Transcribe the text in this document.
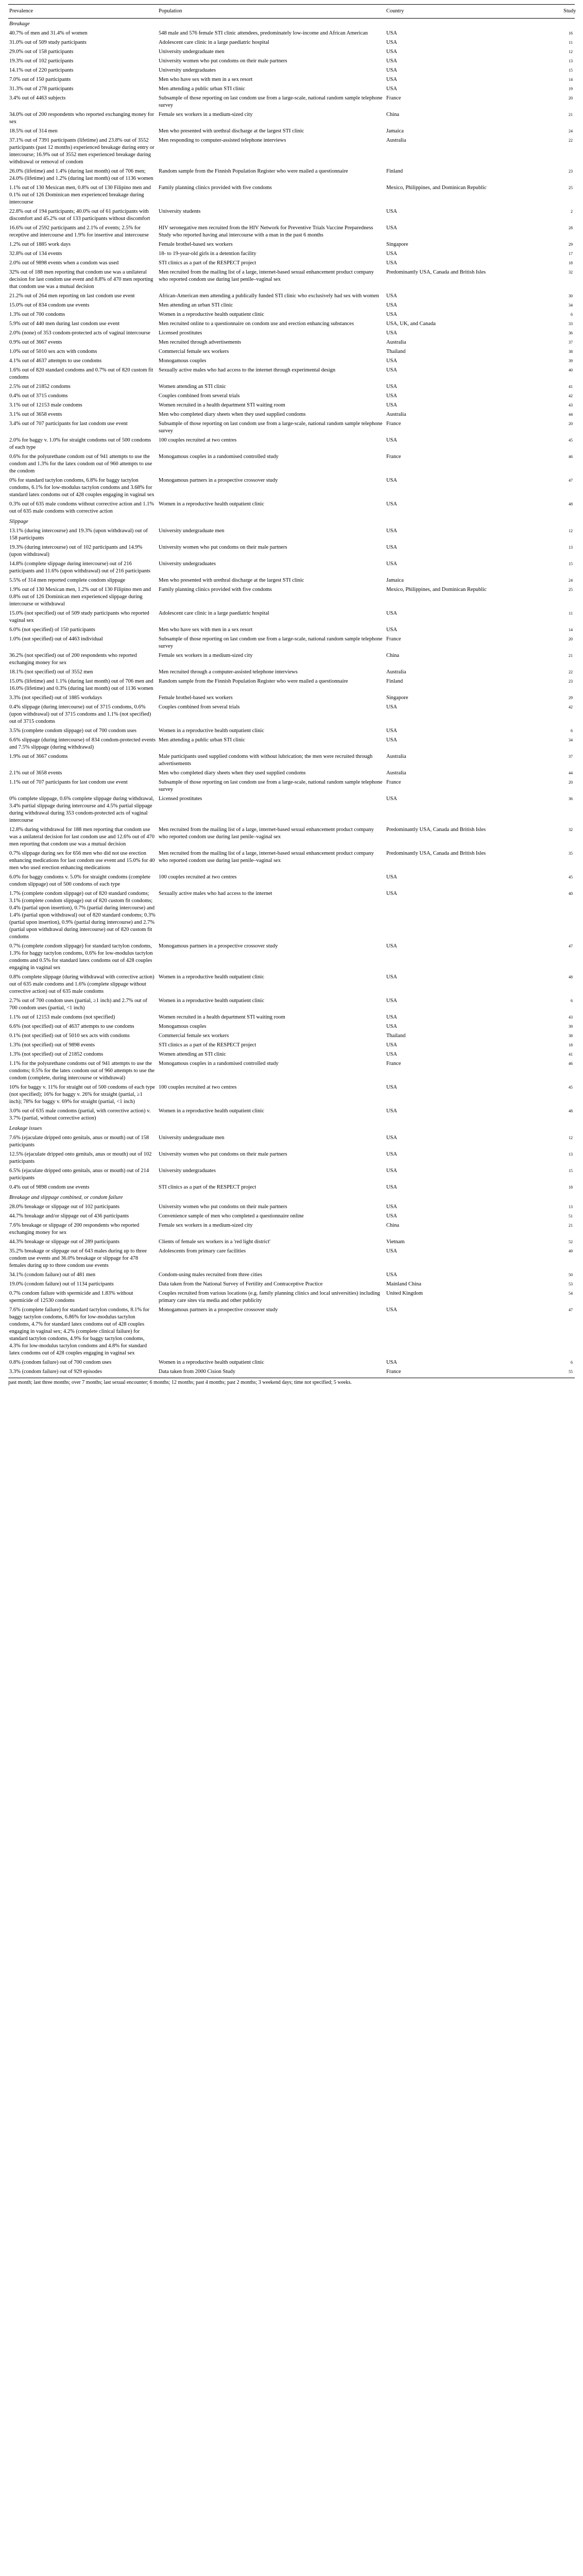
Prevalence	Population	Country	Study
Breakage			
40.7% of men and 31.4% of women	548 male and 576 female STI clinic attendees, predominately low-income and African American	USA	16
31.0% out of 509 study participants	Adolescent care clinic in a large paediatric hospital	USA	11
29.0% out of 158 participants	University undergraduate men	USA	12
19.3% out of 102 participants	University women who put condoms on their male partners	USA	13
14.1% out of 220 participants	University undergraduates	USA	15
7.0% out of 150 participants	Men who have sex with men in a sex resort	USA	14
31.3% out of 278 participants	Men attending a public urban STI clinic	USA	19
3.4% out of 4463 subjects	Subsample of those reporting on last condom use from a large-scale, national random sample telephone survey	France	20
34.0% out of 200 respondents who reported exchanging money for sex	Female sex workers in a medium-sized city	China	21
18.5% out of 314 men	Men who presented with urethral discharge at the largest STI clinic	Jamaica	24
37.1% out of 7391 participants (lifetime) and 23.8% out of 3552 participants (past 12 months) experienced breakage during entry or intercourse; 16.9% out of 3552 men experienced breakage during withdrawal or removal of condom	Men responding to computer-assisted telephone interviews	Australia	22
26.0% (lifetime) and 1.4% (during last month) out of 706 men; 24.0% (lifetime) and 1.2% (during last month) out of 1136 women	Random sample from the Finnish Population Register who were mailed a questionnaire	Finland	23
1.1% out of 130 Mexican men, 0.8% out of 130 Filipino men and 0.1% out of 126 Dominican men experienced breakage during intercourse	Family planning clinics provided with five condoms	Mexico, Philippines, and Dominican Republic	25
22.8% out of 194 participants; 40.0% out of 61 participants with discomfort and 45.2% out of 133 participants without discomfort	University students	USA	2
16.6% out of 2592 participants and 2.1% of events; 2.5% for receptive and intercourse and 1.9% for insertive anal intercourse	HIV seronegative men recruited from the HIV Network for Preventive Trials Vaccine Preparedness Study who reported having anal intercourse with a man in the past 6 months	USA	28
1.2% out of 1885 work days	Female brothel-based sex workers	Singapore	29
32.8% out of 134 events	18- to 19-year-old girls in a detention facility	USA	17
2.0% out of 9898 events when a condom was used	STI clinics as a part of the RESPECT project	USA	18
32% out of 188 men reporting that condom use was a unilateral decision for last condom use event and 8.8% of 470 men reporting that condom use was a mutual decision	Men recruited from the mailing list of a large, internet-based sexual enhancement product company who reported condom use during last penile–vaginal sex	Predominantly USA, Canada and British Isles	32
21.2% out of 264 men reporting on last condom use event	African-American men attending a publically funded STI clinic who exclusively had sex with women	USA	30
15.0% out of 834 condom use events	Men attending an urban STI clinic	USA	34
1.3% out of 700 condoms	Women in a reproductive health outpatient clinic	USA	6
5.9% out of 440 men during last condom use event	Men recruited online to a questionnaire on condom use and erection enhancing substances	USA, UK, and Canada	33
2.0% (none) of 353 condom-protected acts of vaginal intercourse	Licensed prostitutes	USA	36
0.9% out of 3667 events	Men recruited through advertisements	Australia	37
1.0% out of 5010 sex acts with condoms	Commercial female sex workers	Thailand	38
4.1% out of 4637 attempts to use condoms	Monogamous couples	USA	39
1.6% out of 820 standard condoms and 0.7% out of 820 custom fit condoms	Sexually active males who had access to the internet through experimental design	USA	40
2.5% out of 21852 condoms	Women attending an STI clinic	USA	41
0.4% out of 3715 condoms	Couples combined from several trials	USA	42
3.1% out of 12153 male condoms	Women recruited in a health department STI waiting room	USA	43
3.1% out of 3658 events	Men who completed diary sheets when they used supplied condoms	Australia	44
3.4% out of 707 participants for last condom use event	Subsample of those reporting on last condom use from a large-scale, national random sample telephone survey	France	20
2.0% for baggy v. 1.0% for straight condoms out of 500 condoms of each type	100 couples recruited at two centres	USA	45
0.6% for the polyurethane condom out of 941 attempts to use the condom and 1.3% for the latex condom out of 960 attempts to use the condom	Monogamous couples in a randomised controlled study	France	46
0% for standard tactylon condoms, 6.8% for baggy tactylon condoms, 6.1% for low-modulus tactylon condoms and 3.68% for standard latex condoms out of 428 couples engaging in vaginal sex	Monogamous partners in a prospective crossover study	USA	47
0.3% out of 635 male condoms without corrective action and 1.1% out of 635 male condoms with corrective action	Women in a reproductive health outpatient clinic	USA	48
Slippage			
13.1% (during intercourse) and 19.3% (upon withdrawal) out of 158 participants	University undergraduate men	USA	12
19.3% (during intercourse) out of 102 participants and 14.9% (upon withdrawal)	University women who put condoms on their male partners	USA	13
14.8% (complete slippage during intercourse) out of 216 participants and 11.6% (upon withdrawal) out of 216 participants	University undergraduates	USA	15
5.5% of 314 men reported complete condom slippage	Men who presented with urethral discharge at the largest STI clinic	Jamaica	24
1.9% out of 130 Mexican men, 1.2% out of 130 Filipino men and 0.8% out of 126 Dominican men experienced slippage during intercourse or withdrawal	Family planning clinics provided with five condoms	Mexico, Philippines, and Dominican Republic	25
15.0% (not specified) out of 509 study participants who reported vaginal sex	Adolescent care clinic in a large paediatric hospital	USA	11
6.0% (not specified) of 150 participants	Men who have sex with men in a sex resort	USA	14
1.0% (not specified) out of 4463 individual	Subsample of those reporting on last condom use from a large-scale, national random sample telephone survey	France	20
36.2% (not specified) out of 200 respondents who reported exchanging money for sex	Female sex workers in a medium-sized city	China	21
18.1% (not specified) out of 3552 men	Men recruited through a computer-assisted telephone interviews	Australia	22
15.0% (lifetime) and 1.1% (during last month) out of 706 men and 16.0% (lifetime) and 0.3% (during last month) out of 1136 women	Random sample from the Finnish Population Register who were mailed a questionnaire	Finland	23
3.3% (not specified) out of 1885 workdays	Female brothel-based sex workers	Singapore	29
0.4% slippage (during intercourse) out of 3715 condoms, 0.6% (upon withdrawal) out of 3715 condoms and 1.1% (not specified) out of 3715 condoms	Couples combined from several trials	USA	42
3.5% (complete condom slippage) out of 700 condom uses	Women in a reproductive health outpatient clinic	USA	6
6.6% slippage (during intercourse) of 834 condom-protected events and 7.5% slippage (during withdrawal)	Men attending a public urban STI clinic	USA	34
1.9% out of 3667 condoms	Male participants used supplied condoms with without lubrication; the men were recruited through advertisements	Australia	37
2.1% out of 3658 events	Men who completed diary sheets when they used supplied condoms	Australia	44
1.1% out of 707 participants for last condom use event	Subsample of those reporting on last condom use from a large-scale, national random sample telephone survey	France	20
0% complete slippage, 0.6% complete slippage during withdrawal, 3.4% partial slippage during intercourse and 4.5% partial slippage during withdrawal during 353 condom-protected acts of vaginal intercourse	Licensed prostitutes	USA	36
12.8% during withdrawal for 188 men reporting that condom use was a unilateral decision for last condom use and 12.6% out of 470 men reporting that condom use was a mutual decision	Men recruited from the mailing list of a large, internet-based sexual enhancement product company who reported condom use during last penile–vaginal sex	Predominantly USA, Canada and British Isles	32
0.7% slippage during sex for 656 men who did not use erection enhancing medications for last condom use event and 15.0% for 40 men who used erection enhancing medications	Men recruited from the mailing list of a large, internet-based sexual enhancement product company who reported condom use during last penile–vaginal sex	Predominantly USA, Canada and British Isles	35
6.0% for baggy condoms v. 5.0% for straight condoms (complete condom slippage) out of 500 condoms of each type	100 couples recruited at two centres	USA	45
1.7% (complete condom slippage) out of 820 standard condoms; 3.1% (complete condom slippage) out of 820 custom fit condoms; 0.4% (partial upon insertion), 0.7% (partial during intercourse) and 1.4% (partial upon withdrawal) out of 820 standard condoms; 0.3% (partial upon insertion), 0.9% (partial during intercourse) and 2.7% (partial upon withdrawal during intercourse) out of 820 custom fit condoms	Sexually active males who had access to the internet	USA	40
0.7% (complete condom slippage) for standard tactylon condoms, 1.3% for baggy tactylon condoms, 0.6% for low-modulus tactylon condoms and 0.5% for standard latex condoms out of 428 couples engaging in vaginal sex	Monogamous partners in a prospective crossover study	USA	47
0.8% complete slippage (during withdrawal with corrective action) out of 635 male condoms and 1.6% (complete slippage without corrective action) out of 635 male condoms	Women in a reproductive health outpatient clinic	USA	48
2.7% out of 700 condom uses (partial, ≥1 inch) and 2.7% out of 700 condom uses (partial, <1 inch)	Women in a reproductive health outpatient clinic	USA	6
1.1% out of 12153 male condoms (not specified)	Women recruited in a health department STI waiting room	USA	43
6.6% (not specified) out of 4637 attempts to use condoms	Monogamous couples	USA	39
0.1% (not specified) out of 5010 sex acts with condoms	Commercial female sex workers	Thailand	38
1.3% (not specified) out of 9898 events	STI clinics as a part of the RESPECT project	USA	18
1.3% (not specified) out of 21852 condoms	Women attending an STI clinic	USA	41
1.1% for the polyurethane condoms out of 941 attempts to use the condoms; 0.5% for the latex condom out of 960 attempts to use the condom (complete, during intercourse or withdrawal)	Monogamous couples in a randomised controlled study	France	46
10% for baggy v. 11% for straight out of 500 condoms of each type (not specified); 16% for baggy v. 26% for straight (partial, ≥1 inch); 78% for baggy v. 69% for straight (partial, <1 inch)	100 couples recruited at two centres	USA	45
3.0% out of 635 male condoms (partial, with corrective action) v. 3.7% (partial, without corrective action)	Women in a reproductive health outpatient clinic	USA	48
Leakage issues			
7.6% (ejaculate dripped onto genitals, anus or mouth) out of 158 participants	University undergraduate men	USA	12
12.5% (ejaculate dripped onto genitals, anus or mouth) out of 102 participants	University women who put condoms on their male partners	USA	13
6.5% (ejaculate dripped onto genitals, anus or mouth) out of 214 participants	University undergraduates	USA	15
0.4% out of 9898 condom use events	STI clinics as a part of the RESPECT project	USA	18
Breakage and slippage combined, or condom failure			
28.0% breakage or slippage out of 102 participants	University women who put condoms on their male partners	USA	13
44.7% breakage and/or slippage out of 436 participants	Convenience sample of men who completed a questionnaire online	USA	51
7.6% breakage or slippage of 200 respondents who reported exchanging money for sex	Female sex workers in a medium-sized city	China	21
44.3% breakage or slippage out of 289 participants	Clients of female sex workers in a 'red light district'	Vietnam	52
35.2% breakage or slippage out of 643 males during up to three condom use events and 36.0% breakage or slippage for 478 females during up to three condom use events	Adolescents from primary care facilities	USA	49
34.1% (condom failure) out of 481 men	Condom-using males recruited from three cities	USA	50
19.0% (condom failure) out of 1134 participants	Data taken from the National Survey of Fertility and Contraceptive Practice	Mainland China	53
0.7% condom failure with spermicide and 1.83% without spermicide of 12530 condoms	Couples recruited from various locations (e.g. family planning clinics and local universities) including primary care sites via media and other publicity	United Kingdom	54
7.6% (complete failure) for standard tactylon condoms, 8.1% for baggy tactylon condoms, 6.86% for low-modulus tactylon condoms, 4.7% for standard latex condoms out of 428 couples engaging in vaginal sex; 4.2% (complete clinical failure) for standard tactylon condoms, 4.9% for baggy tactylon condoms, 4.3% for low-modulus tactylon condoms and 4.8% for standard latex condoms out of 428 couples engaging in vaginal sex	Monogamous partners in a prospective crossover study	USA	47
0.8% (condom failure) out of 700 condom uses	Women in a reproductive health outpatient clinic	USA	6
3.3% (condom failure) out of 929 episodes	Data taken from 2000 Cision Study	France	55
past month; last three months; over 7 months; last sexual encounter; 6 months; 12 months; past 4 months; past 2 months; 3 weekend days; time not specified; 5 weeks.
